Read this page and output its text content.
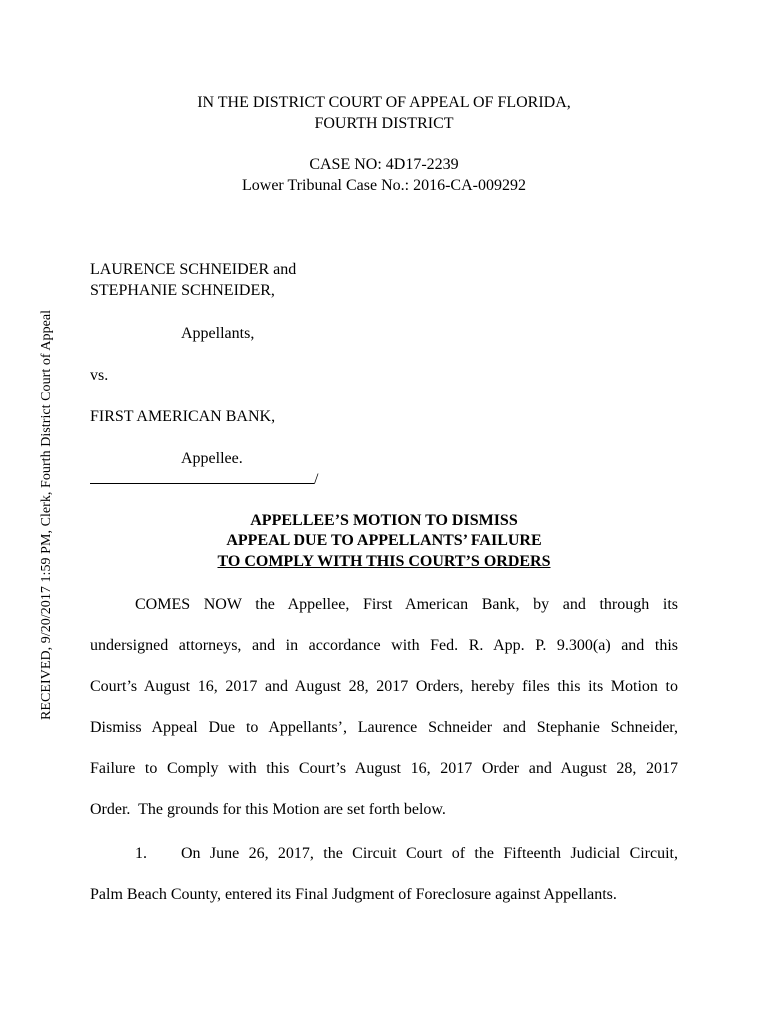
RECEIVED, 9/20/2017 1:59 PM, Clerk, Fourth District Court of Appeal
IN THE DISTRICT COURT OF APPEAL OF FLORIDA,
FOURTH DISTRICT
CASE NO: 4D17-2239
Lower Tribunal Case No.: 2016-CA-009292
LAURENCE SCHNEIDER and
STEPHANIE SCHNEIDER,
Appellants,
vs.
FIRST AMERICAN BANK,
Appellee.
/
APPELLEE’S MOTION TO DISMISS
APPEAL DUE TO APPELLANTS’ FAILURE
TO COMPLY WITH THIS COURT’S ORDERS
COMES NOW the Appellee, First American Bank, by and through its
undersigned attorneys, and in accordance with Fed. R. App. P. 9.300(a) and this
Court’s August 16, 2017 and August 28, 2017 Orders, hereby files this its Motion to
Dismiss Appeal Due to Appellants’, Laurence Schneider and Stephanie Schneider,
Failure to Comply with this Court’s August 16, 2017 Order and August 28, 2017
Order.  The grounds for this Motion are set forth below.
1. On June 26, 2017, the Circuit Court of the Fifteenth Judicial Circuit,
Palm Beach County, entered its Final Judgment of Foreclosure against Appellants.
